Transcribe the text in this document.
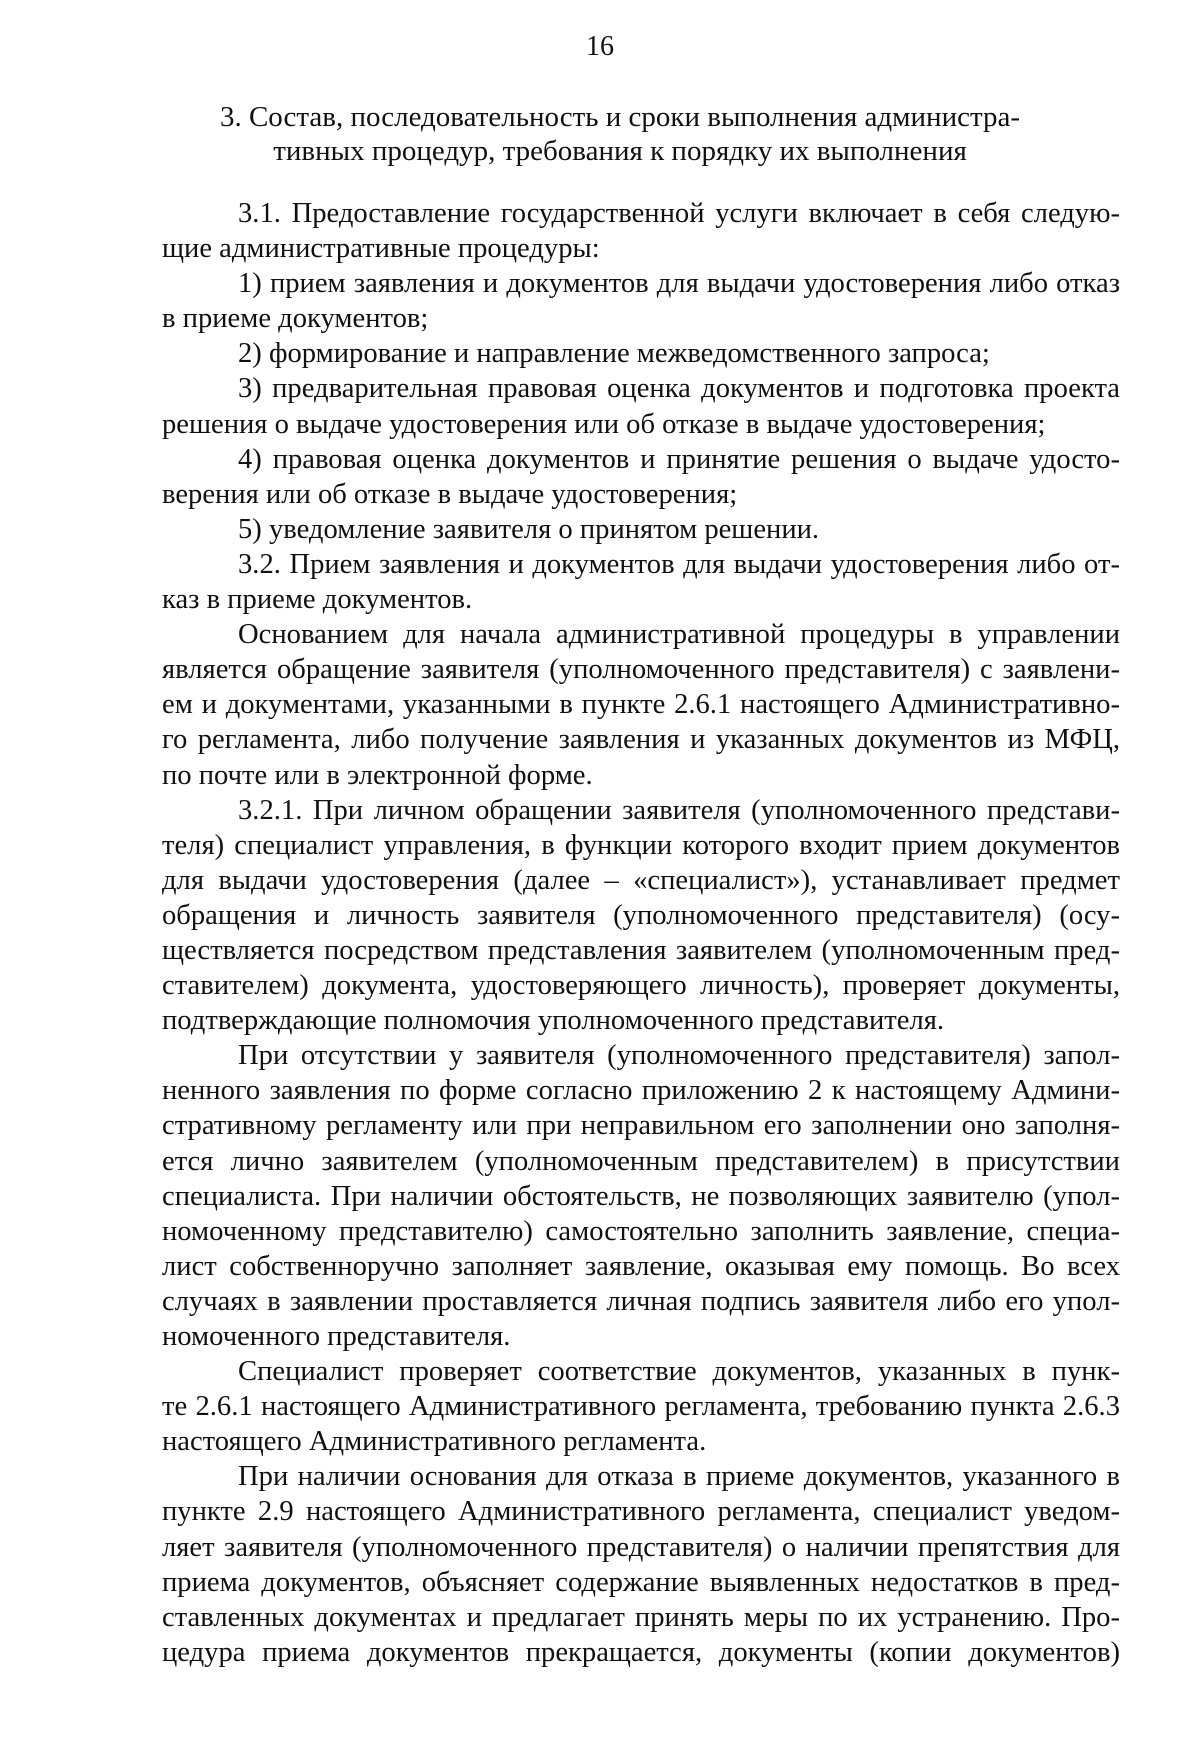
16
3. Состав, последовательность и сроки выполнения администра-
тивных процедур, требования к порядку их выполнения

3.1. Предоставление государственной услуги включает в себя следую-

щие административные процедуры:

1) прием заявления и документов для выдачи удостоверения либо отказ

в приеме документов;

2) формирование и направление межведомственного запроса;

3) предварительная правовая оценка документов и подготовка проекта

решения о выдаче удостоверения или об отказе в выдаче удостоверения;

4) правовая оценка документов и принятие решения о выдаче удосто-

верения или об отказе в выдаче удостоверения;

5) уведомление заявителя о принятом решении.

3.2. Прием заявления и документов для выдачи удостоверения либо от-

каз в приеме документов.

Основанием для начала административной процедуры в управлении

является обращение заявителя (уполномоченного представителя) с заявлени-

ем и документами, указанными в пункте 2.6.1 настоящего Административно-

го регламента, либо получение заявления и указанных документов из МФЦ,

по почте или в электронной форме.

3.2.1. При личном обращении заявителя (уполномоченного представи-

теля) специалист управления, в функции которого входит прием документов

для выдачи удостоверения (далее – «специалист»), устанавливает предмет

обращения и личность заявителя (уполномоченного представителя) (осу-

ществляется посредством представления заявителем (уполномоченным пред-

ставителем) документа, удостоверяющего личность), проверяет документы,

подтверждающие полномочия уполномоченного представителя.

При отсутствии у заявителя (уполномоченного представителя) запол-

ненного заявления по форме согласно приложению 2 к настоящему Админи-

стративному регламенту или при неправильном его заполнении оно заполня-

ется лично заявителем (уполномоченным представителем) в присутствии

специалиста. При наличии обстоятельств, не позволяющих заявителю (упол-

номоченному представителю) самостоятельно заполнить заявление, специа-

лист собственноручно заполняет заявление, оказывая ему помощь. Во всех

случаях в заявлении проставляется личная подпись заявителя либо его упол-

номоченного представителя.

Специалист проверяет соответствие документов, указанных в пунк-

те 2.6.1 настоящего Административного регламента, требованию пункта 2.6.3

настоящего Административного регламента.

При наличии основания для отказа в приеме документов, указанного в

пункте 2.9 настоящего Административного регламента, специалист уведом-

ляет заявителя (уполномоченного представителя) о наличии препятствия для

приема документов, объясняет содержание выявленных недостатков в пред-

ставленных документах и предлагает принять меры по их устранению. Про-

цедура приема документов прекращается, документы (копии документов)
